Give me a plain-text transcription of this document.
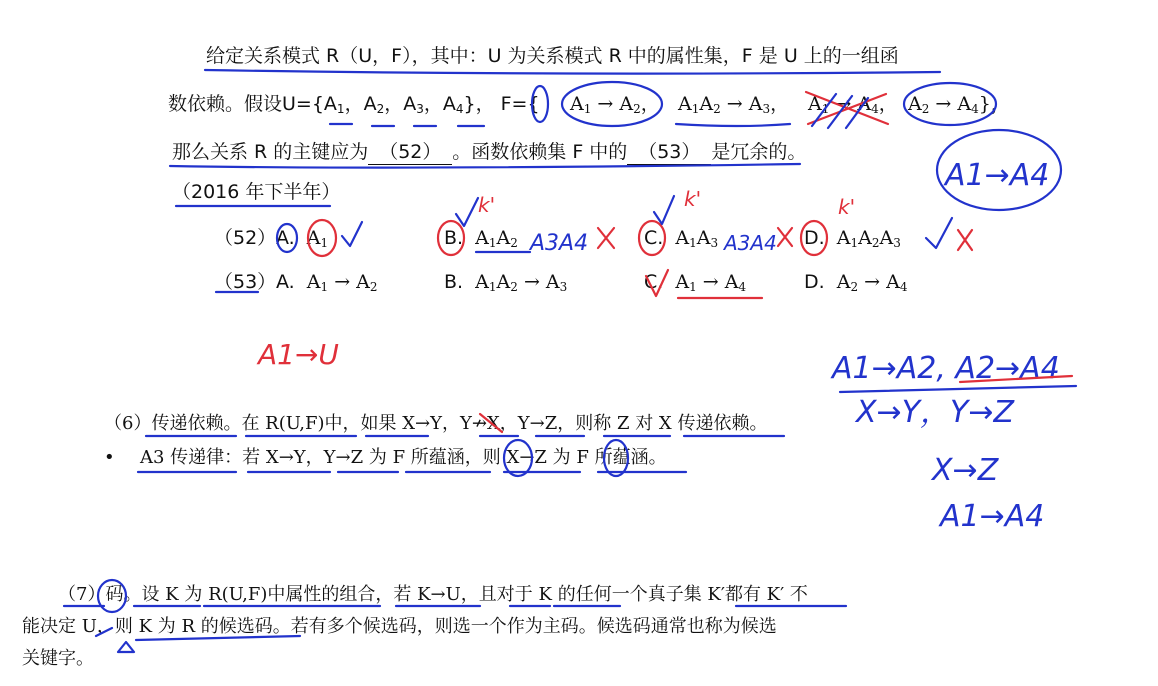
给定关系模式 R（U，F），其中：U 为关系模式 R 中的属性集，F 是 U 上的一组函
数依赖。假设$U=\{A_1$，$A_2$，$A_3$，$A_4$}， F={ $A_1 \to A_2$， $A_1A_2 \to A_3$， $A_1 \to A_4$， $A_2 \to A_4$}，
那么关系 R 的主键应为 （52） 。函数依赖集 F 中的 （53） 是冗余的。
（2016 年下半年）
（52） A.  $A_1$	B.  $A_1A_2$	C.  $A_1A_3$	D.  $A_1A_2A_3$
（53） A.  $A_1 \to A_2$	B.  $A_1A_2 \to A_3$	C.  $A_1 \to A_4$	D.  $A_2 \to A_4$
（6）传递依赖。在 R(U,F)中，如果 X→Y，Y↛X，Y→Z，则称 Z 对 X 传递依赖。
• A3 传递律：若 X→Y，Y→Z 为 F 所蕴涵，则 X→Z 为 F 所蕴涵。
（7）码。设 K 为 R(U,F)中属性的组合，若 K→U，且对于 K 的任何一个真子集 K′都有 K′ 不
能决定 U，则 K 为 R 的候选码。若有多个候选码，则选一个作为主码。候选码通常也称为候选
关键字。
A1→A4
k'
A3A4
k'
A3A4
k'
A1→U	A1→A2, A2→A4
X→Y，Y→Z
X→Z
A1→A4
